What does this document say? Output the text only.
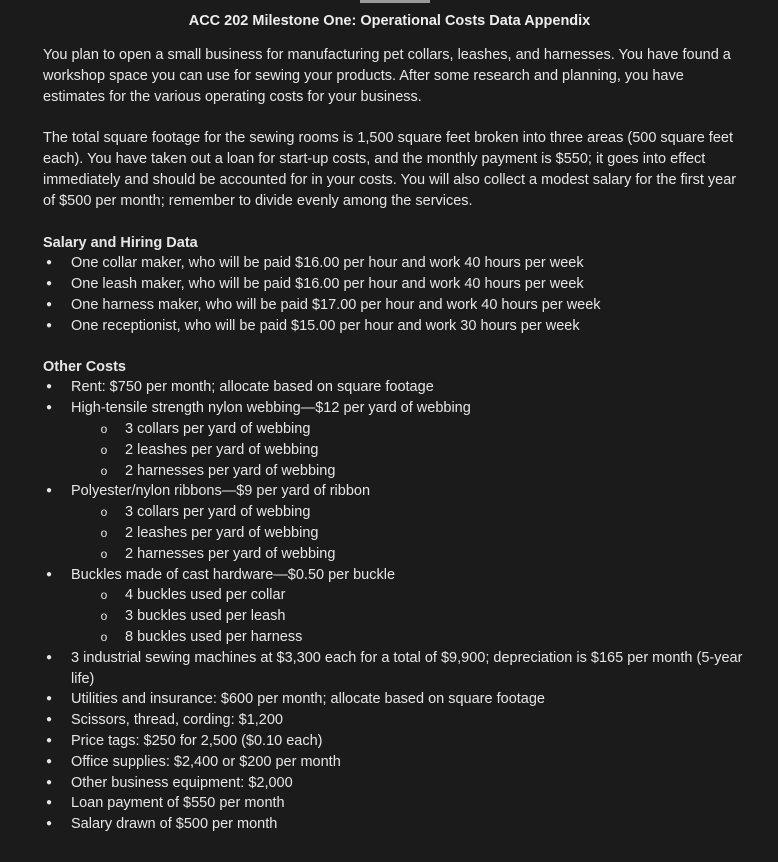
ACC 202 Milestone One: Operational Costs Data Appendix

You plan to open a small business for manufacturing pet collars, leashes, and harnesses. You have found a workshop space you can use for sewing your products. After some research and planning, you have estimates for the various operating costs for your business.

The total square footage for the sewing rooms is 1,500 square feet broken into three areas (500 square feet each). You have taken out a loan for start-up costs, and the monthly payment is $550; it goes into effect immediately and should be accounted for in your costs. You will also collect a modest salary for the first year of $500 per month; remember to divide evenly among the services.

Salary and Hiring Data

● One collar maker, who will be paid $16.00 per hour and work 40 hours per week
● One leash maker, who will be paid $16.00 per hour and work 40 hours per week
● One harness maker, who will be paid $17.00 per hour and work 40 hours per week
● One receptionist, who will be paid $15.00 per hour and work 30 hours per week

Other Costs

● Rent: $750 per month; allocate based on square footage
● High-tensile strength nylon webbing—$12 per yard of webbing
o 3 collars per yard of webbing
o 2 leashes per yard of webbing
o 2 harnesses per yard of webbing
● Polyester/nylon ribbons—$9 per yard of ribbon
o 3 collars per yard of webbing
o 2 leashes per yard of webbing
o 2 harnesses per yard of webbing
● Buckles made of cast hardware—$0.50 per buckle
o 4 buckles used per collar
o 3 buckles used per leash
o 8 buckles used per harness
● 3 industrial sewing machines at $3,300 each for a total of $9,900; depreciation is $165 per month (5-year life)
● Utilities and insurance: $600 per month; allocate based on square footage
● Scissors, thread, cording: $1,200
● Price tags: $250 for 2,500 ($0.10 each)
● Office supplies: $2,400 or $200 per month
● Other business equipment: $2,000
● Loan payment of $550 per month
● Salary drawn of $500 per month
